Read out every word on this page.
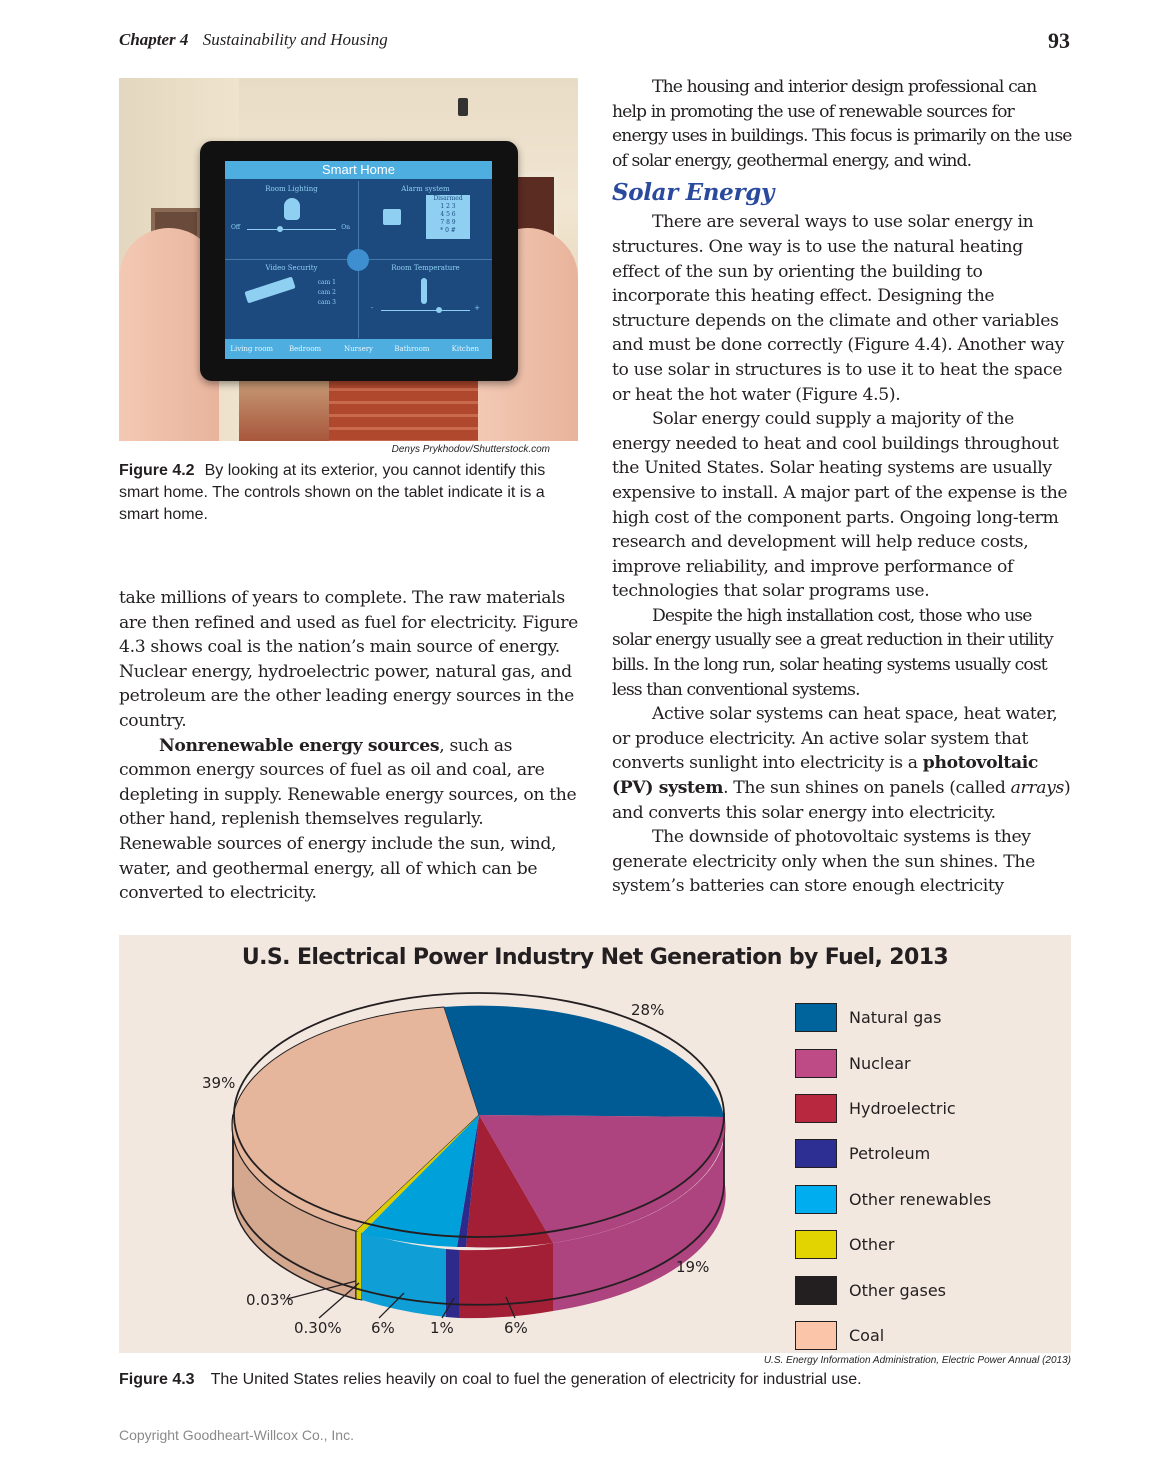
Chapter 4 Sustainability and Housing	93
Smart Home
Room Lighting
Off	On
Alarm system
Disarmed
1 2 3
4 5 6
7 8 9
* 0 #
Video Security
cam 1
cam 2
cam 3
Room Temperature
-	+
Living room	Bedroom	Nursery	Bathroom	Kitchen
Denys Prykhodov/Shutterstock.com
Figure 4.2 By looking at its exterior, you cannot identify this smart home. The controls shown on the tablet indicate it is a smart home.

take millions of years to complete. The raw materials are then refined and used as fuel for electricity. Figure 4.3 shows coal is the nation’s main source of energy. Nuclear energy, hydroelectric power, natural gas, and petroleum are the other leading energy sources in the country.

Nonrenewable energy sources, such as common energy sources of fuel as oil and coal, are depleting in supply. Renewable energy sources, on the other hand, replenish themselves regularly. Renewable sources of energy include the sun, wind, water, and geothermal energy, all of which can be converted to electricity.

The housing and interior design professional can help in promoting the use of renewable sources for energy uses in buildings. This focus is primarily on the use of solar energy, geothermal energy, and wind.

Solar Energy

There are several ways to use solar energy in structures. One way is to use the natural heating effect of the sun by orienting the building to incorporate this heating effect. Designing the structure depends on the climate and other variables and must be done correctly (Figure 4.4). Another way to use solar in structures is to use it to heat the space or heat the hot water (Figure 4.5).

Solar energy could supply a majority of the energy needed to heat and cool buildings throughout the United States. Solar heating systems are usually expensive to install. A major part of the expense is the high cost of the component parts. Ongoing long-term research and development will help reduce costs, improve reliability, and improve performance of technologies that solar programs use.

Despite the high installation cost, those who use solar energy usually see a great reduction in their utility bills. In the long run, solar heating systems usually cost less than conventional systems.

Active solar systems can heat space, heat water, or produce electricity. An active solar system that converts sunlight into electricity is a photovoltaic (PV) system. The sun shines on panels (called arrays) and converts this solar energy into electricity.

The downside of photovoltaic systems is they generate electricity only when the sun shines. The system’s batteries can store enough electricity

U.S. Electrical Power Industry Net Generation by Fuel, 2013
28%
39%
19%
0.03%
0.30% 6% 1%	6%
Natural gas
Nuclear
Hydroelectric
Petroleum
Other renewables
Other
Other gases
Coal
U.S. Energy Information Administration, Electric Power Annual (2013)
Figure 4.3 The United States relies heavily on coal to fuel the generation of electricity for industrial use.
Copyright Goodheart-Willcox Co., Inc.
